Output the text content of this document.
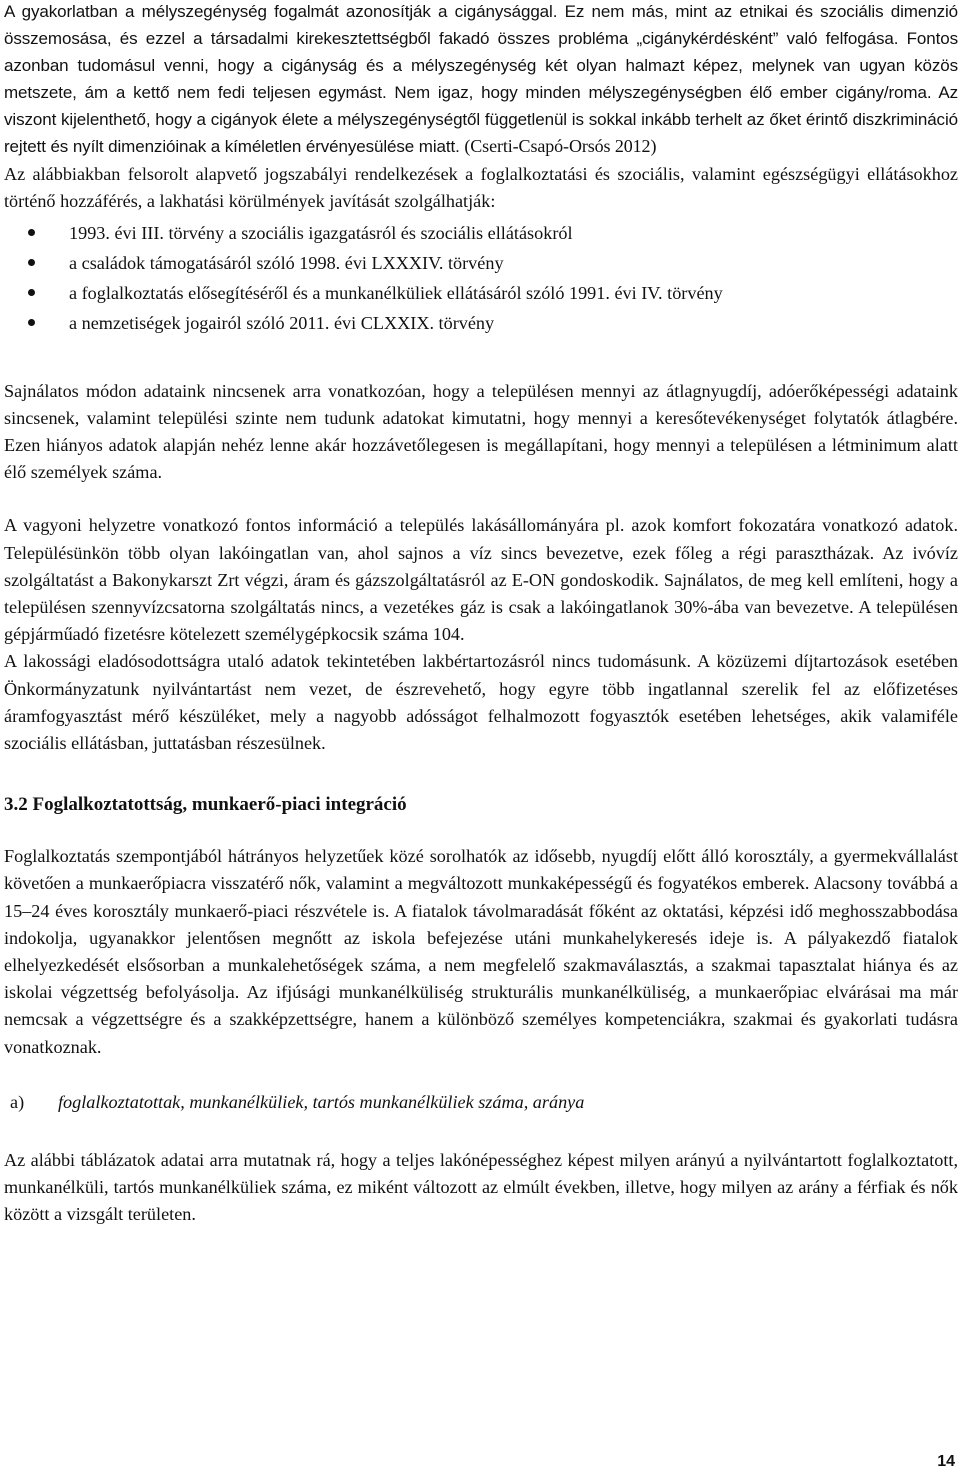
A gyakorlatban a mélyszegénység fogalmát azonosítják a cigánysággal. Ez nem más, mint az etnikai és szociális dimenzió összemosása, és ezzel a társadalmi kirekesztettségből fakadó összes probléma „cigánykérdésként” való felfogása. Fontos azonban tudomásul venni, hogy a cigányság és a mélyszegénység két olyan halmazt képez, melynek van ugyan közös metszete, ám a kettő nem fedi teljesen egymást. Nem igaz, hogy minden mélyszegénységben élő ember cigány/roma. Az viszont kijelenthető, hogy a cigányok élete a mélyszegénységtől függetlenül is sokkal inkább terhelt az őket érintő diszkrimináció rejtett és nyílt dimenzióinak a kíméletlen érvényesülése miatt. (Cserti-Csapó-Orsós 2012)

Az alábbiakban felsorolt alapvető jogszabályi rendelkezések a foglalkoztatási és szociális, valamint egészségügyi ellátásokhoz történő hozzáférés, a lakhatási körülmények javítását szolgálhatják:

1993. évi III. törvény a szociális igazgatásról és szociális ellátásokról
a családok támogatásáról szóló 1998. évi LXXXIV. törvény
a foglalkoztatás elősegítéséről és a munkanélküliek ellátásáról szóló 1991. évi IV. törvény
a nemzetiségek jogairól szóló 2011. évi CLXXIX. törvény

Sajnálatos módon adataink nincsenek arra vonatkozóan, hogy a településen mennyi az átlagnyugdíj, adóerőképességi adataink sincsenek, valamint települési szinte nem tudunk adatokat kimutatni, hogy mennyi a keresőtevékenységet folytatók átlagbére. Ezen hiányos adatok alapján nehéz lenne akár hozzávetőlegesen is megállapítani, hogy mennyi a településen a létminimum alatt élő személyek száma.

A vagyoni helyzetre vonatkozó fontos információ a település lakásállományára pl. azok komfort fokozatára vonatkozó adatok. Településünkön több olyan lakóingatlan van, ahol sajnos a víz sincs bevezetve, ezek főleg a régi parasztházak. Az ivóvíz szolgáltatást a Bakonykarszt Zrt végzi, áram és gázszolgáltatásról az E-ON gondoskodik. Sajnálatos, de meg kell említeni, hogy a településen szennyvízcsatorna szolgáltatás nincs, a vezetékes gáz is csak a lakóingatlanok 30%-ába van bevezetve. A településen gépjárműadó fizetésre kötelezett személygépkocsik száma 104.

A lakossági eladósodottságra utaló adatok tekintetében lakbértartozásról nincs tudomásunk. A közüzemi díjtartozások esetében Önkormányzatunk nyilvántartást nem vezet, de észrevehető, hogy egyre több ingatlannal szerelik fel az előfizetéses áramfogyasztást mérő készüléket, mely a nagyobb adósságot felhalmozott fogyasztók esetében lehetséges, akik valamiféle szociális ellátásban, juttatásban részesülnek.

3.2 Foglalkoztatottság, munkaerő-piaci integráció

Foglalkoztatás szempontjából hátrányos helyzetűek közé sorolhatók az idősebb, nyugdíj előtt álló korosztály, a gyermekvállalást követően a munkaerőpiacra visszatérő nők, valamint a megváltozott munkaképességű és fogyatékos emberek. Alacsony továbbá a 15–24 éves korosztály munkaerő-piaci részvétele is. A fiatalok távolmaradását főként az oktatási, képzési idő meghosszabbodása indokolja, ugyanakkor jelentősen megnőtt az iskola befejezése utáni munkahelykeresés ideje is. A pályakezdő fiatalok elhelyezkedését elsősorban a munkalehetőségek száma, a nem megfelelő szakmaválasztás, a szakmai tapasztalat hiánya és az iskolai végzettség befolyásolja. Az ifjúsági munkanélküliség strukturális munkanélküliség, a munkaerőpiac elvárásai ma már nemcsak a végzettségre és a szakképzettségre, hanem a különböző személyes kompetenciákra, szakmai és gyakorlati tudásra vonatkoznak.

a) foglalkoztatottak, munkanélküliek, tartós munkanélküliek száma, aránya

Az alábbi táblázatok adatai arra mutatnak rá, hogy a teljes lakónépességhez képest milyen arányú a nyilvántartott foglalkoztatott, munkanélküli, tartós munkanélküliek száma, ez miként változott az elmúlt években, illetve, hogy milyen az arány a férfiak és nők között a vizsgált területen.

14
